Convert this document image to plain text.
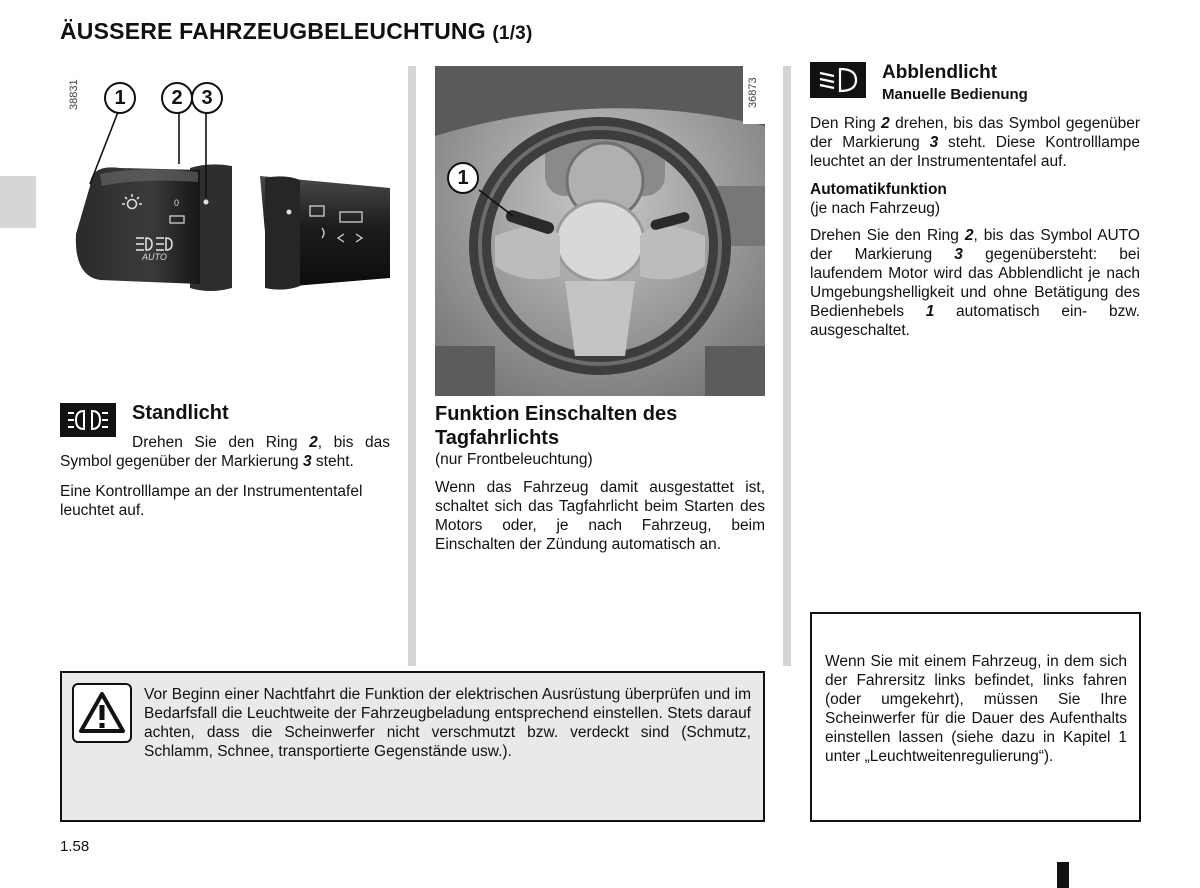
ÄUSSERE FAHRZEUGBELEUCHTUNG (1/3)
AUTO
0
38831	1	2 3
1
36873
Standlicht

Drehen Sie den Ring 2, bis das

Symbol gegenüber der Markierung 3 steht.

Eine Kontrolllampe an der Instrumententafel leuchtet auf.

Funktion Einschalten des
Tagfahrlichts

(nur Frontbeleuchtung)

Wenn das Fahrzeug damit ausgestattet ist, schaltet sich das Tagfahrlicht beim Starten des Motors oder, je nach Fahrzeug, beim Einschalten der Zündung automatisch an.

Abblendlicht
Manuelle Bedienung

Den Ring 2 drehen, bis das Symbol gegenüber der Markierung 3 steht. Diese Kontrolllampe leuchtet an der Instrumententafel auf.

Automatikfunktion

(je nach Fahrzeug)

Drehen Sie den Ring 2, bis das Symbol AUTO der Markierung 3 gegenübersteht: bei laufendem Motor wird das Abblendlicht je nach Umgebungshelligkeit und ohne Betätigung des Bedienhebels 1 automatisch ein- bzw. ausgeschaltet.

Vor Beginn einer Nachtfahrt die Funktion der elektrischen Ausrüstung überprüfen und im Bedarfsfall die Leuchtweite der Fahrzeugbeladung entsprechend einstellen. Stets darauf achten, dass die Scheinwerfer nicht verschmutzt bzw. verdeckt sind (Schmutz, Schlamm, Schnee, transportierte Gegenstände usw.).

Wenn Sie mit einem Fahrzeug, in dem sich der Fahrersitz links befindet, links fahren (oder umgekehrt), müssen Sie Ihre Scheinwerfer für die Dauer des Aufenthalts einstellen lassen (siehe dazu in Kapitel 1 unter „Leuchtweitenregulierung“).

1.58
